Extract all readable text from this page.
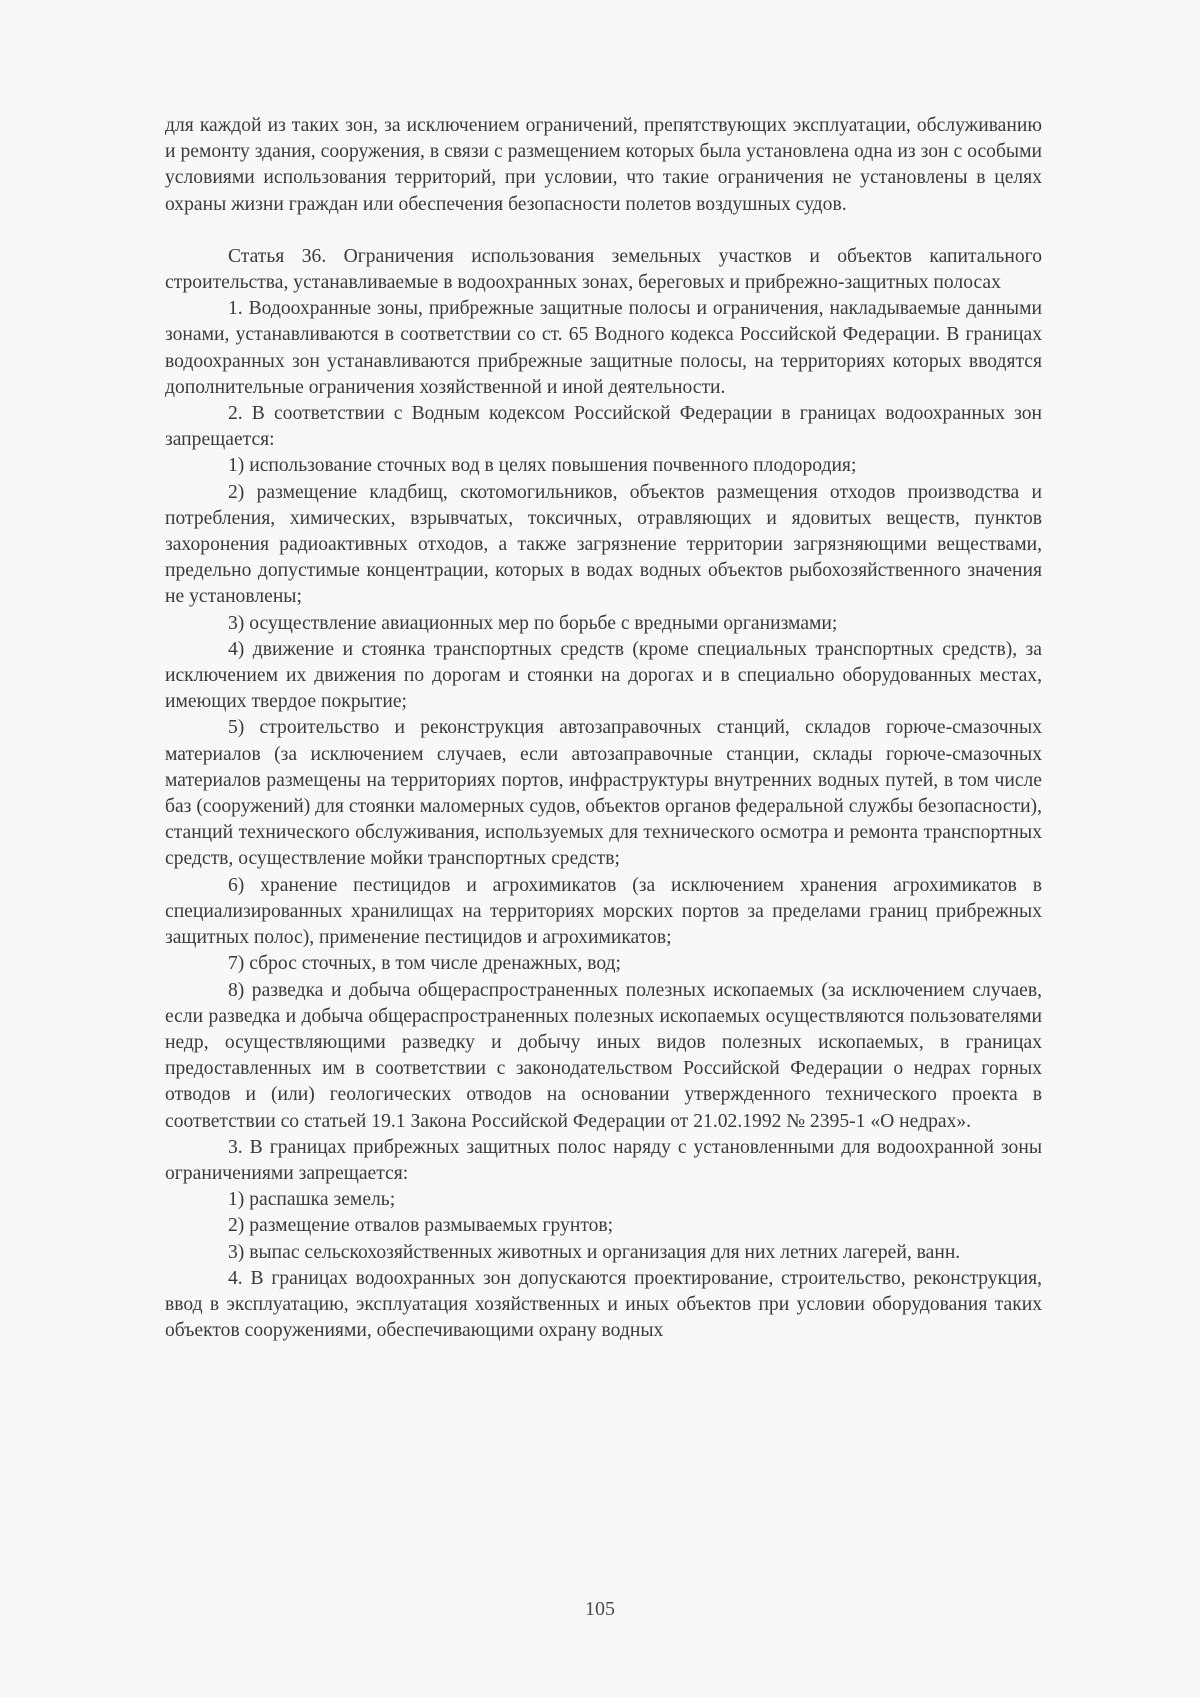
для каждой из таких зон, за исключением ограничений, препятствующих эксплуатации, обслуживанию и ремонту здания, сооружения, в связи с размещением которых была установлена одна из зон с особыми условиями использования территорий, при условии, что такие ограничения не установлены в целях охраны жизни граждан или обеспечения безопасности полетов воздушных судов.

Статья 36. Ограничения использования земельных участков и объектов капитального строительства, устанавливаемые в водоохранных зонах, береговых и прибрежно-защитных полосах

1. Водоохранные зоны, прибрежные защитные полосы и ограничения, накладываемые данными зонами, устанавливаются в соответствии со ст. 65 Водного кодекса Российской Федерации. В границах водоохранных зон устанавливаются прибрежные защитные полосы, на территориях которых вводятся дополнительные ограничения хозяйственной и иной деятельности.

2. В соответствии с Водным кодексом Российской Федерации в границах водоохранных зон запрещается:

1) использование сточных вод в целях повышения почвенного плодородия;

2) размещение кладбищ, скотомогильников, объектов размещения отходов производства и потребления, химических, взрывчатых, токсичных, отравляющих и ядовитых веществ, пунктов захоронения радиоактивных отходов, а также загрязнение территории загрязняющими веществами, предельно допустимые концентрации, которых в водах водных объектов рыбохозяйственного значения не установлены;

3) осуществление авиационных мер по борьбе с вредными организмами;

4) движение и стоянка транспортных средств (кроме специальных транспортных средств), за исключением их движения по дорогам и стоянки на дорогах и в специально оборудованных местах, имеющих твердое покрытие;

5) строительство и реконструкция автозаправочных станций, складов горюче-смазочных материалов (за исключением случаев, если автозаправочные станции, склады горюче-смазочных материалов размещены на территориях портов, инфраструктуры внутренних водных путей, в том числе баз (сооружений) для стоянки маломерных судов, объектов органов федеральной службы безопасности), станций технического обслуживания, используемых для технического осмотра и ремонта транспортных средств, осуществление мойки транспортных средств;

6) хранение пестицидов и агрохимикатов (за исключением хранения агрохимикатов в специализированных хранилищах на территориях морских портов за пределами границ прибрежных защитных полос), применение пестицидов и агрохимикатов;

7) сброс сточных, в том числе дренажных, вод;

8) разведка и добыча общераспространенных полезных ископаемых (за исключением случаев, если разведка и добыча общераспространенных полезных ископаемых осуществляются пользователями недр, осуществляющими разведку и добычу иных видов полезных ископаемых, в границах предоставленных им в соответствии с законодательством Российской Федерации о недрах горных отводов и (или) геологических отводов на основании утвержденного технического проекта в соответствии со статьей 19.1 Закона Российской Федерации от 21.02.1992 № 2395-1 «О недрах».

3. В границах прибрежных защитных полос наряду с установленными для водоохранной зоны ограничениями запрещается:

1) распашка земель;

2) размещение отвалов размываемых грунтов;

3) выпас сельскохозяйственных животных и организация для них летних лагерей, ванн.

4. В границах водоохранных зон допускаются проектирование, строительство, реконструкция, ввод в эксплуатацию, эксплуатация хозяйственных и иных объектов при условии оборудования таких объектов сооружениями, обеспечивающими охрану водных

105
